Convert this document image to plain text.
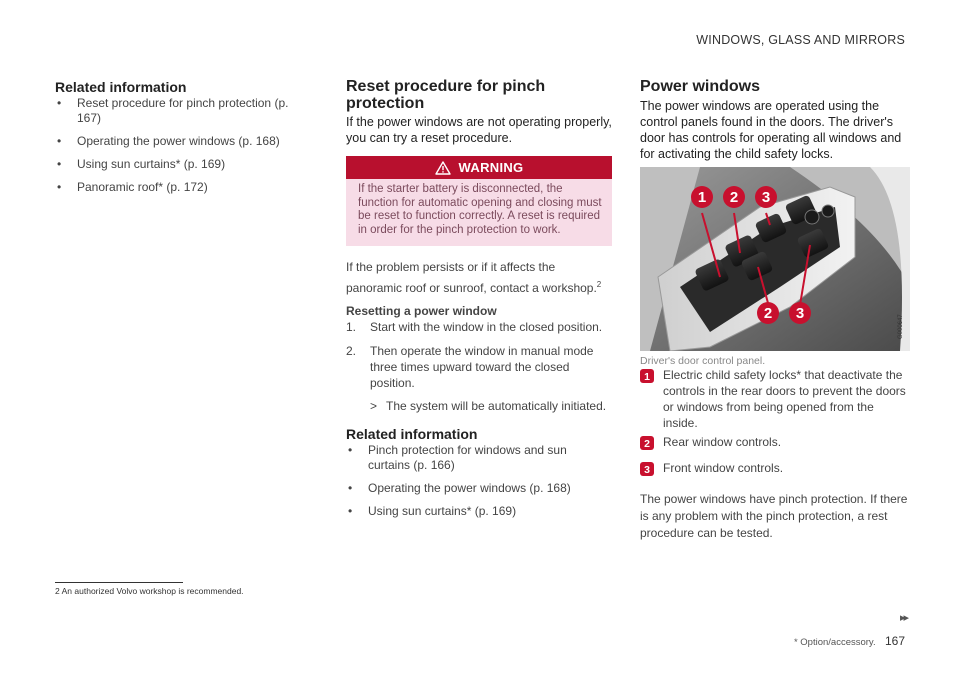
WINDOWS, GLASS AND MIRRORS
Related information
• Reset procedure for pinch protection (p. 167)
• Operating the power windows (p. 168)
• Using sun curtains* (p. 169)
• Panoramic roof* (p. 172)
Reset procedure for pinch protection

If the power windows are not operating properly, you can try a reset procedure.

WARNING
If the starter battery is disconnected, the function for automatic opening and closing must be reset to function correctly. A reset is required in order for the pinch protection to work.

If the problem persists or if it affects the panoramic roof or sunroof, contact a workshop.$^2$

Resetting a power window
1. Start with the window in the closed position.
2. Then operate the window in manual mode three times upward toward the closed position.
> The system will be automatically initiated.
Related information
• Pinch protection for windows and sun curtains (p. 166)
• Operating the power windows (p. 168)
• Using sun curtains* (p. 169)
Power windows

The power windows are operated using the control panels found in the doors. The driver's door has controls for operating all windows and for activating the child safety locks.

1 2 3
2 3
G000647
Driver's door control panel.
1 Electric child safety locks* that deactivate the controls in the rear doors to prevent the doors or windows from being opened from the inside.
2 Rear window controls.
3 Front window controls.

The power windows have pinch protection. If there is any problem with the pinch protection, a rest procedure can be tested.

2 An authorized Volvo workshop is recommended.
▸▸
* Option/accessory. 167
